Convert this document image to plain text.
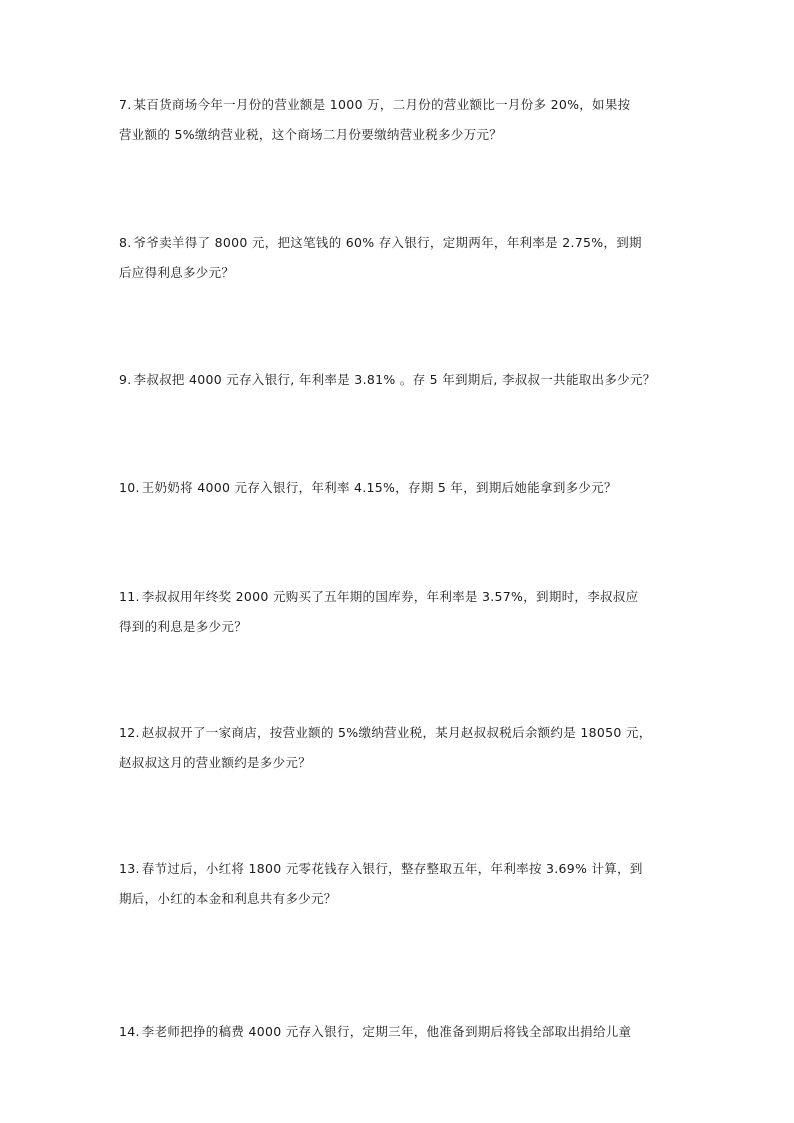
7. 某百货商场今年一月份的营业额是 1000 万，二月份的营业额比一月份多 20%，如果按
营业额的 5%缴纳营业税，这个商场二月份要缴纳营业税多少万元？
8. 爷爷卖羊得了 8000 元，把这笔钱的 60% 存入银行，定期两年，年利率是 2.75%，到期
后应得利息多少元？
9. 李叔叔把 4000 元存入银行, 年利率是 3.81% 。存 5 年到期后, 李叔叔一共能取出多少元？
10. 王奶奶将 4000 元存入银行，年利率 4.15%，存期 5 年，到期后她能拿到多少元？
11. 李叔叔用年终奖 2000 元购买了五年期的国库券，年利率是 3.57%，到期时，李叔叔应
得到的利息是多少元？
12. 赵叔叔开了一家商店，按营业额的 5%缴纳营业税，某月赵叔叔税后余额约是 18050 元，
赵叔叔这月的营业额约是多少元？
13. 春节过后，小红将 1800 元零花钱存入银行，整存整取五年，年利率按 3.69% 计算，到
期后，小红的本金和利息共有多少元？
14. 李老师把挣的稿费 4000 元存入银行，定期三年，他准备到期后将钱全部取出捐给儿童
